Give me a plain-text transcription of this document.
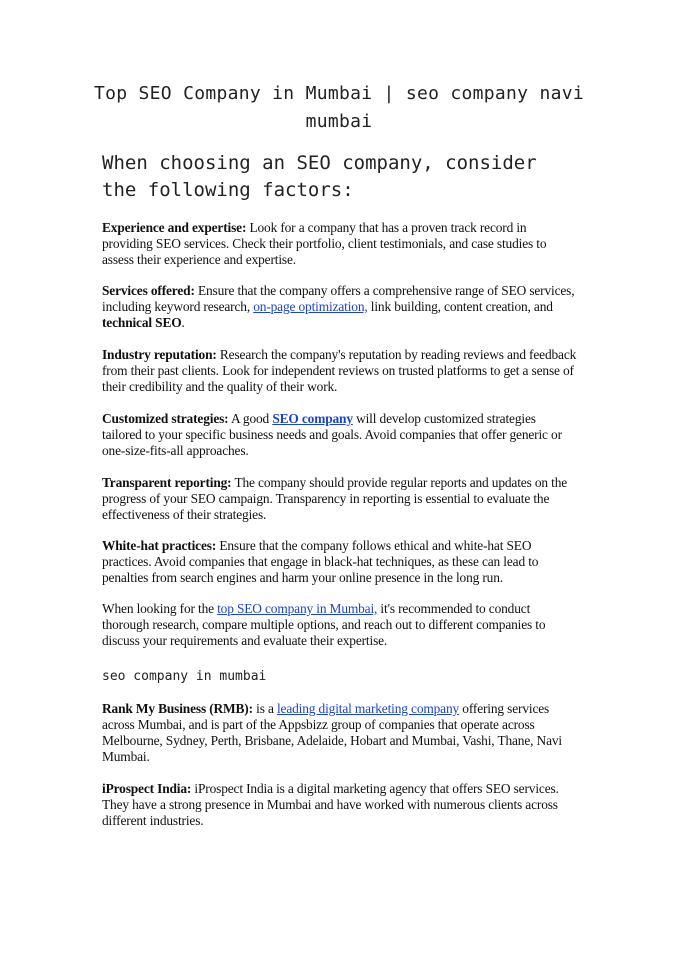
Top SEO Company in Mumbai | seo company navi mumbai
When choosing an SEO company, consider the following factors:

Experience and expertise: Look for a company that has a proven track record in providing SEO services. Check their portfolio, client testimonials, and case studies to assess their experience and expertise.

Services offered: Ensure that the company offers a comprehensive range of SEO services, including keyword research, on-page optimization, link building, content creation, and technical SEO.

Industry reputation: Research the company's reputation by reading reviews and feedback from their past clients. Look for independent reviews on trusted platforms to get a sense of their credibility and the quality of their work.

Customized strategies: A good SEO company will develop customized strategies tailored to your specific business needs and goals. Avoid companies that offer generic or one-size-fits-all approaches.

Transparent reporting: The company should provide regular reports and updates on the progress of your SEO campaign. Transparency in reporting is essential to evaluate the effectiveness of their strategies.

White-hat practices: Ensure that the company follows ethical and white-hat SEO practices. Avoid companies that engage in black-hat techniques, as these can lead to penalties from search engines and harm your online presence in the long run.

When looking for the top SEO company in Mumbai, it's recommended to conduct thorough research, compare multiple options, and reach out to different companies to discuss your requirements and evaluate their expertise.

seo company in mumbai

Rank My Business (RMB): is a leading digital marketing company offering services across Mumbai, and is part of the Appsbizz group of companies that operate across Melbourne, Sydney, Perth, Brisbane, Adelaide, Hobart and Mumbai, Vashi, Thane, Navi Mumbai.

iProspect India: iProspect India is a digital marketing agency that offers SEO services. They have a strong presence in Mumbai and have worked with numerous clients across different industries.
